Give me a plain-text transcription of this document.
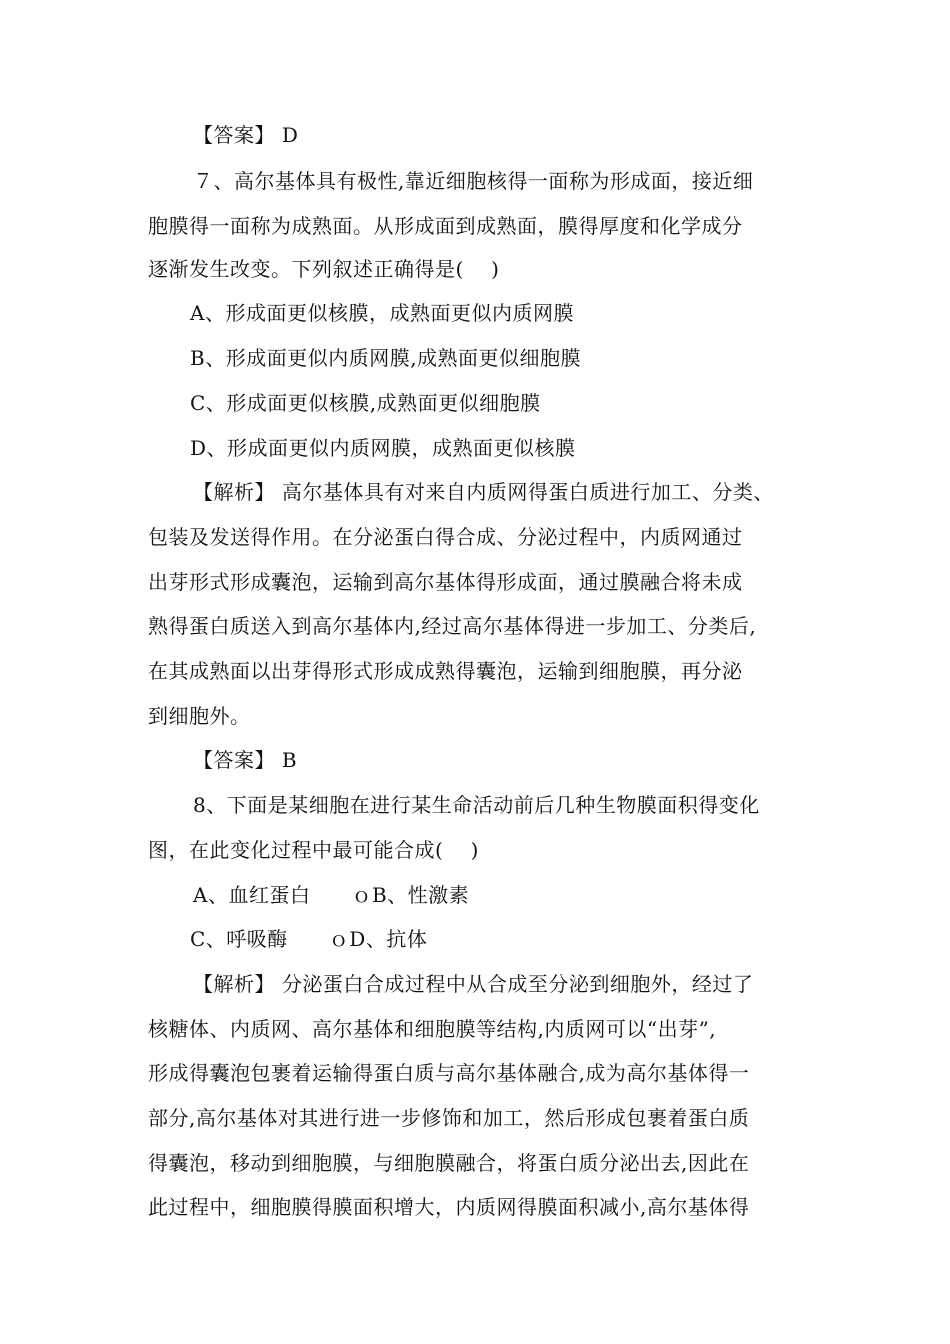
【答案】 D
７、高尔基体具有极性,靠近细胞核得一面称为形成面，接近细
胞膜得一面称为成熟面。从形成面到成熟面，膜得厚度和化学成分
逐渐发生改变。下列叙述正确得是(　 )
A、形成面更似核膜，成熟面更似内质网膜
B、形成面更似内质网膜,成熟面更似细胞膜
C、形成面更似核膜,成熟面更似细胞膜
D、形成面更似内质网膜，成熟面更似核膜
【解析】 高尔基体具有对来自内质网得蛋白质进行加工、分类、
包装及发送得作用。在分泌蛋白得合成、分泌过程中，内质网通过
出芽形式形成囊泡，运输到高尔基体得形成面，通过膜融合将未成
熟得蛋白质送入到高尔基体内,经过高尔基体得进一步加工、分类后,
在其成熟面以出芽得形式形成成熟得囊泡，运输到细胞膜，再分泌
到细胞外。
【答案】 B
8、下面是某细胞在进行某生命活动前后几种生物膜面积得变化
图，在此变化过程中最可能合成(　 )
A、血红蛋白　　ｏB、性激素
C、呼吸酶　　ｏD、抗体
【解析】 分泌蛋白合成过程中从合成至分泌到细胞外，经过了
核糖体、内质网、高尔基体和细胞膜等结构,内质网可以“出芽”,
形成得囊泡包裹着运输得蛋白质与高尔基体融合,成为高尔基体得一
部分,高尔基体对其进行进一步修饰和加工，然后形成包裹着蛋白质
得囊泡，移动到细胞膜，与细胞膜融合，将蛋白质分泌出去,因此在
此过程中，细胞膜得膜面积增大，内质网得膜面积减小,高尔基体得
